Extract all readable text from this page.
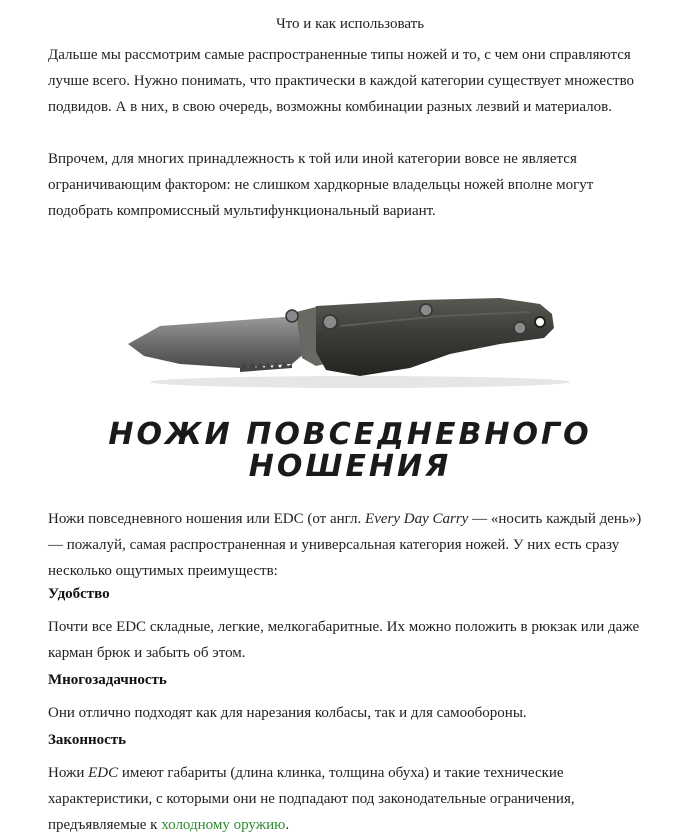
Что и как использовать

Дальше мы рассмотрим самые распространенные типы ножей и то, с чем они справляются лучше всего. Нужно понимать, что практически в каждой категории существует множество подвидов. А в них, в свою очередь, возможны комбинации разных лезвий и материалов.

Впрочем, для многих принадлежность к той или иной категории вовсе не является ограничивающим фактором: не слишком хардкорные владельцы ножей вполне могут подобрать компромиссный мультифункциональный вариант.

НОЖИ ПОВСЕДНЕВНОГО
НОШЕНИЯ

Ножи повседневного ношения или EDC (от англ. Every Day Carry — «носить каждый день») — пожалуй, самая распространенная и универсальная категория ножей. У них есть сразу несколько ощутимых преимуществ:

Удобство

Почти все EDC складные, легкие, мелкогабаритные. Их можно положить в рюкзак или даже карман брюк и забыть об этом.

Многозадачность

Они отлично подходят как для нарезания колбасы, так и для самообороны.

Законность

Ножи EDC имеют габариты (длина клинка, толщина обуха) и такие технические характеристики, с которыми они не подпадают под законодательные ограничения, предъявляемые к холодному оружию.
